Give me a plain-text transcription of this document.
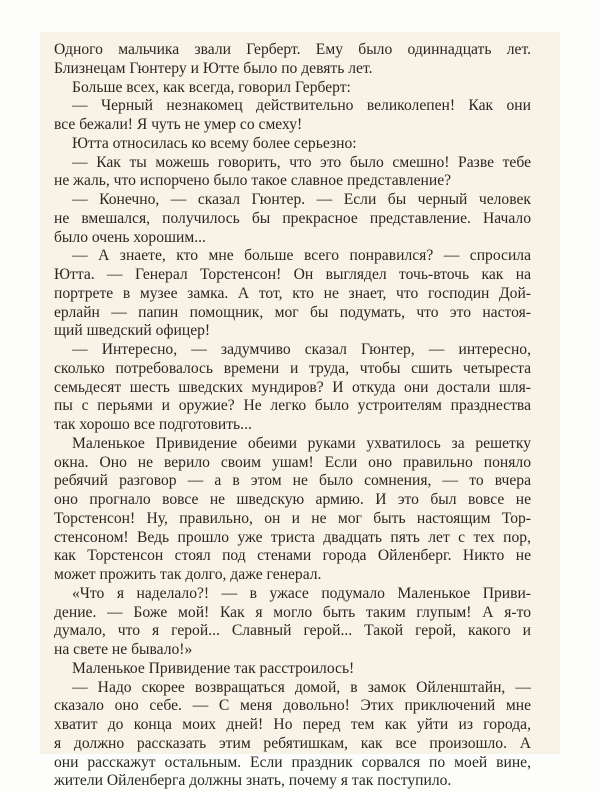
Одного мальчика звали Герберт. Ему было одиннадцать лет.
Близнецам Гюнтеру и Ютте было по девять лет.
Больше всех, как всегда, говорил Герберт:
— Черный незнакомец действительно великолепен! Как они
все бежали! Я чуть не умер со смеху!
Ютта относилась ко всему более серьезно:
— Как ты можешь говорить, что это было смешно! Разве тебе
не жаль, что испорчено было такое славное представление?
— Конечно, — сказал Гюнтер. — Если бы черный человек
не вмешался, получилось бы прекрасное представление. Начало
было очень хорошим...
— А знаете, кто мне больше всего понравился? — спросила
Ютта. — Генерал Торстенсон! Он выглядел точь-вточь как на
портрете в музее замка. А тот, кто не знает, что господин Дой-
ерлайн — папин помощник, мог бы подумать, что это настоя-
щий шведский офицер!
— Интересно, — задумчиво сказал Гюнтер, — интересно,
сколько потребовалось времени и труда, чтобы сшить четыреста
семьдесят шесть шведских мундиров? И откуда они достали шля-
пы с перьями и оружие? Не легко было устроителям празднества
так хорошо все подготовить...
Маленькое Привидение обеими руками ухватилось за решетку
окна. Оно не верило своим ушам! Если оно правильно поняло
ребячий разговор — а в этом не было сомнения, — то вчера
оно прогнало вовсе не шведскую армию. И это был вовсе не
Торстенсон! Ну, правильно, он и не мог быть настоящим Тор-
стенсоном! Ведь прошло уже триста двадцать пять лет с тех пор,
как Торстенсон стоял под стенами города Ойленберг. Никто не
может прожить так долго, даже генерал.
«Что я наделало?! — в ужасе подумало Маленькое Приви-
дение. — Боже мой! Как я могло быть таким глупым! А я-то
думало, что я герой... Славный герой... Такой герой, какого и
на свете не бывало!»
Маленькое Привидение так расстроилось!
— Надо скорее возвращаться домой, в замок Ойленштайн, —
сказало оно себе. — С меня довольно! Этих приключений мне
хватит до конца моих дней! Но перед тем как уйти из города,
я должно рассказать этим ребятишкам, как все произошло. А
они расскажут остальным. Если праздник сорвался по моей вине,
жители Ойленберга должны знать, почему я так поступило.
